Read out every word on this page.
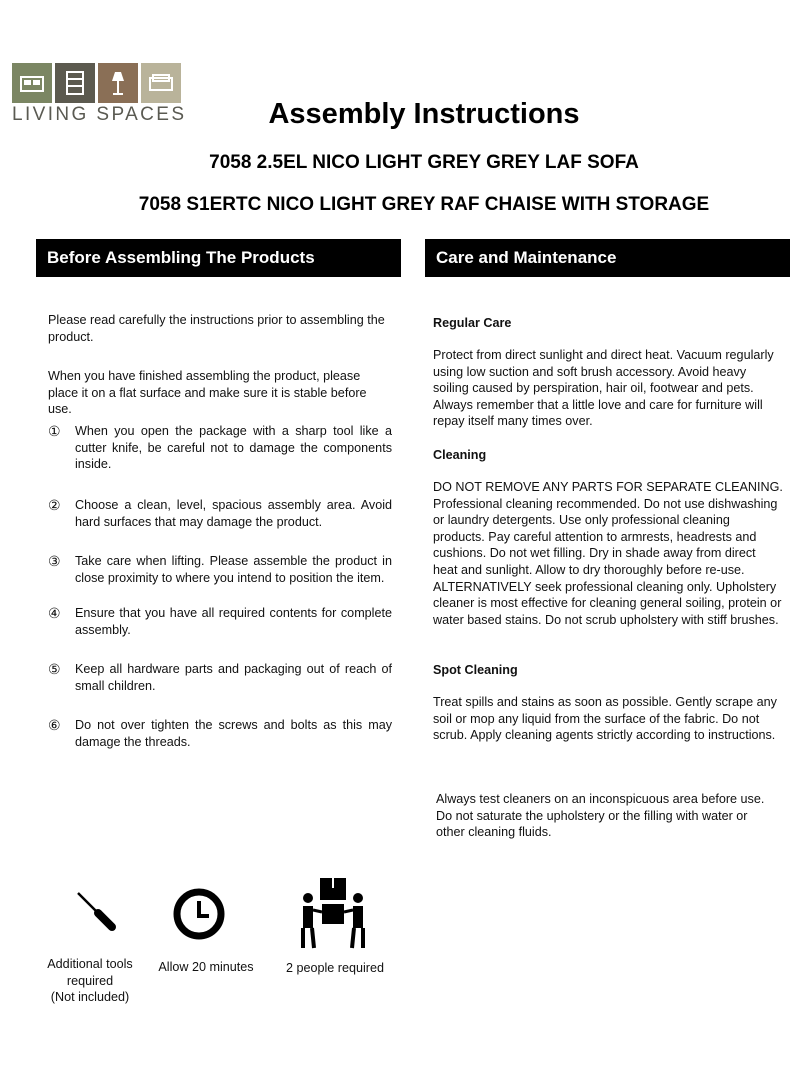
LIVING SPACES	Assembly Instructions
7058 2.5EL NICO LIGHT GREY GREY LAF SOFA
7058 S1ERTC NICO LIGHT GREY RAF CHAISE WITH STORAGE
Before Assembling The Products	Care and Maintenance
Please read carefully the instructions prior to assembling the product.
When you have finished assembling the product, please place it on a flat surface and make sure it is stable before use.
①	When you open the package with a sharp tool like a cutter knife, be careful not to damage the components inside.
②	Choose a clean, level, spacious assembly area. Avoid hard surfaces that may damage the product.
③	Take care when lifting. Please assemble the product in close proximity to where you intend to position the item.
④	Ensure that you have all required contents for complete assembly.
⑤	Keep all hardware parts and packaging out of reach of small children.
⑥	Do not over tighten the screws and bolts as this may damage the threads.
Regular Care
Protect from direct sunlight and direct heat. Vacuum regularly using low suction and soft brush accessory. Avoid heavy soiling caused by perspiration, hair oil, footwear and pets. Always remember that a little love and care for furniture will repay itself many times over.
Cleaning
DO NOT REMOVE ANY PARTS FOR SEPARATE CLEANING. Professional cleaning recommended. Do not use dishwashing or laundry detergents. Use only professional cleaning products. Pay careful attention to armrests, headrests and cushions. Do not wet filling. Dry in shade away from direct heat and sunlight. Allow to dry thoroughly before re-use. ALTERNATIVELY seek professional cleaning only. Upholstery cleaner is most effective for cleaning general soiling, protein or water based stains. Do not scrub upholstery with stiff brushes.
Spot Cleaning
Treat spills and stains as soon as possible. Gently scrape any soil or mop any liquid from the surface of the fabric. Do not scrub. Apply cleaning agents strictly according to instructions.
Always test cleaners on an inconspicuous area before use. Do not saturate the upholstery or the filling with water or other cleaning fluids.
Additional tools
required
(Not included)
Allow 20 minutes	2 people required
